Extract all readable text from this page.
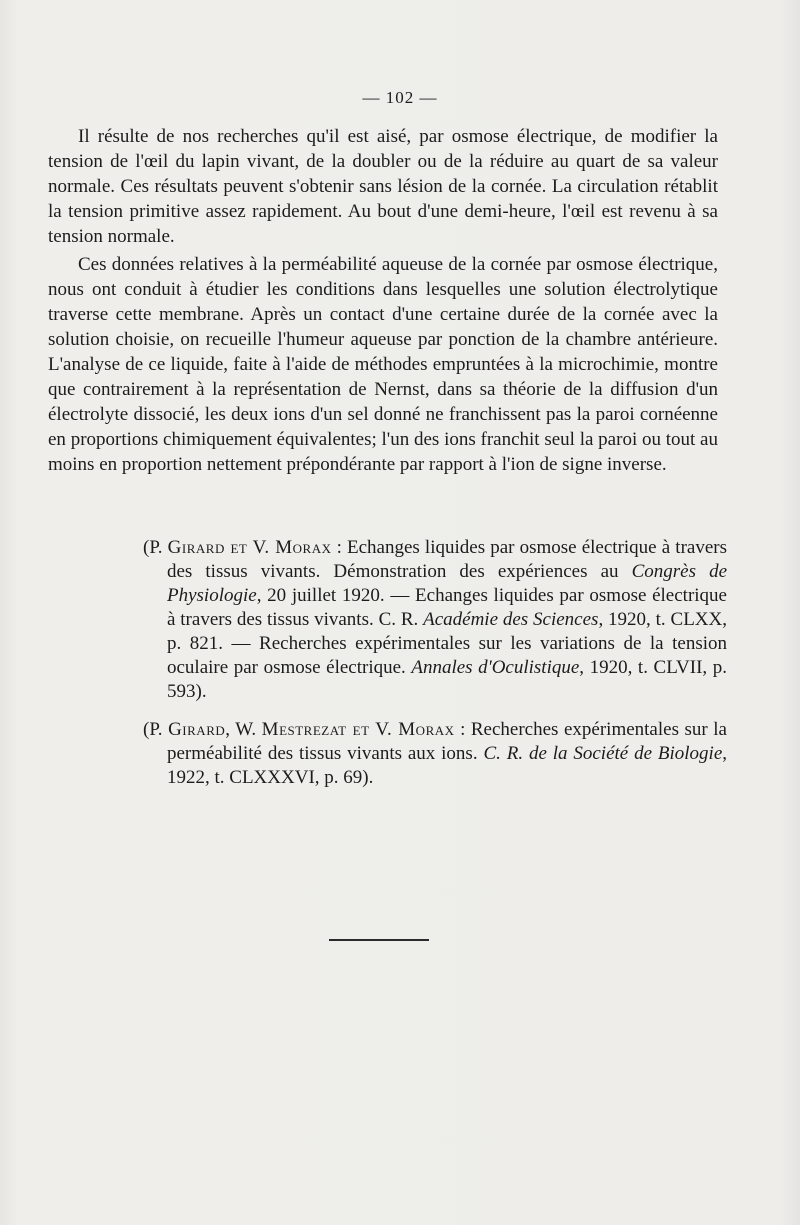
— 102 —

Il résulte de nos recherches qu'il est aisé, par osmose électrique, de modifier la tension de l'œil du lapin vivant, de la doubler ou de la réduire au quart de sa valeur normale. Ces résultats peuvent s'obtenir sans lésion de la cornée. La circulation rétablit la tension primitive assez rapidement. Au bout d'une demi-heure, l'œil est revenu à sa tension normale.

Ces données relatives à la perméabilité aqueuse de la cornée par osmose électrique, nous ont conduit à étudier les conditions dans lesquelles une solution électrolytique traverse cette membrane. Après un contact d'une certaine durée de la cornée avec la solution choisie, on recueille l'humeur aqueuse par ponction de la chambre antérieure. L'analyse de ce liquide, faite à l'aide de méthodes empruntées à la microchimie, montre que contrairement à la représentation de Nernst, dans sa théorie de la diffusion d'un électrolyte dissocié, les deux ions d'un sel donné ne franchissent pas la paroi cornéenne en proportions chimiquement équivalentes; l'un des ions franchit seul la paroi ou tout au moins en proportion nettement prépondérante par rapport à l'ion de signe inverse.

(P. Girard et V. Morax : Echanges liquides par osmose électrique à travers des tissus vivants. Démonstration des expériences au Congrès de Physiologie, 20 juillet 1920. — Echanges liquides par osmose électrique à travers des tissus vivants. C. R. Académie des Sciences, 1920, t. CLXX, p. 821. — Recherches expérimentales sur les variations de la tension oculaire par osmose électrique. Annales d'Oculistique, 1920, t. CLVII, p. 593).

(P. Girard, W. Mestrezat et V. Morax : Recherches expérimentales sur la perméabilité des tissus vivants aux ions. C. R. de la Société de Biologie, 1922, t. CLXXXVI, p. 69).
